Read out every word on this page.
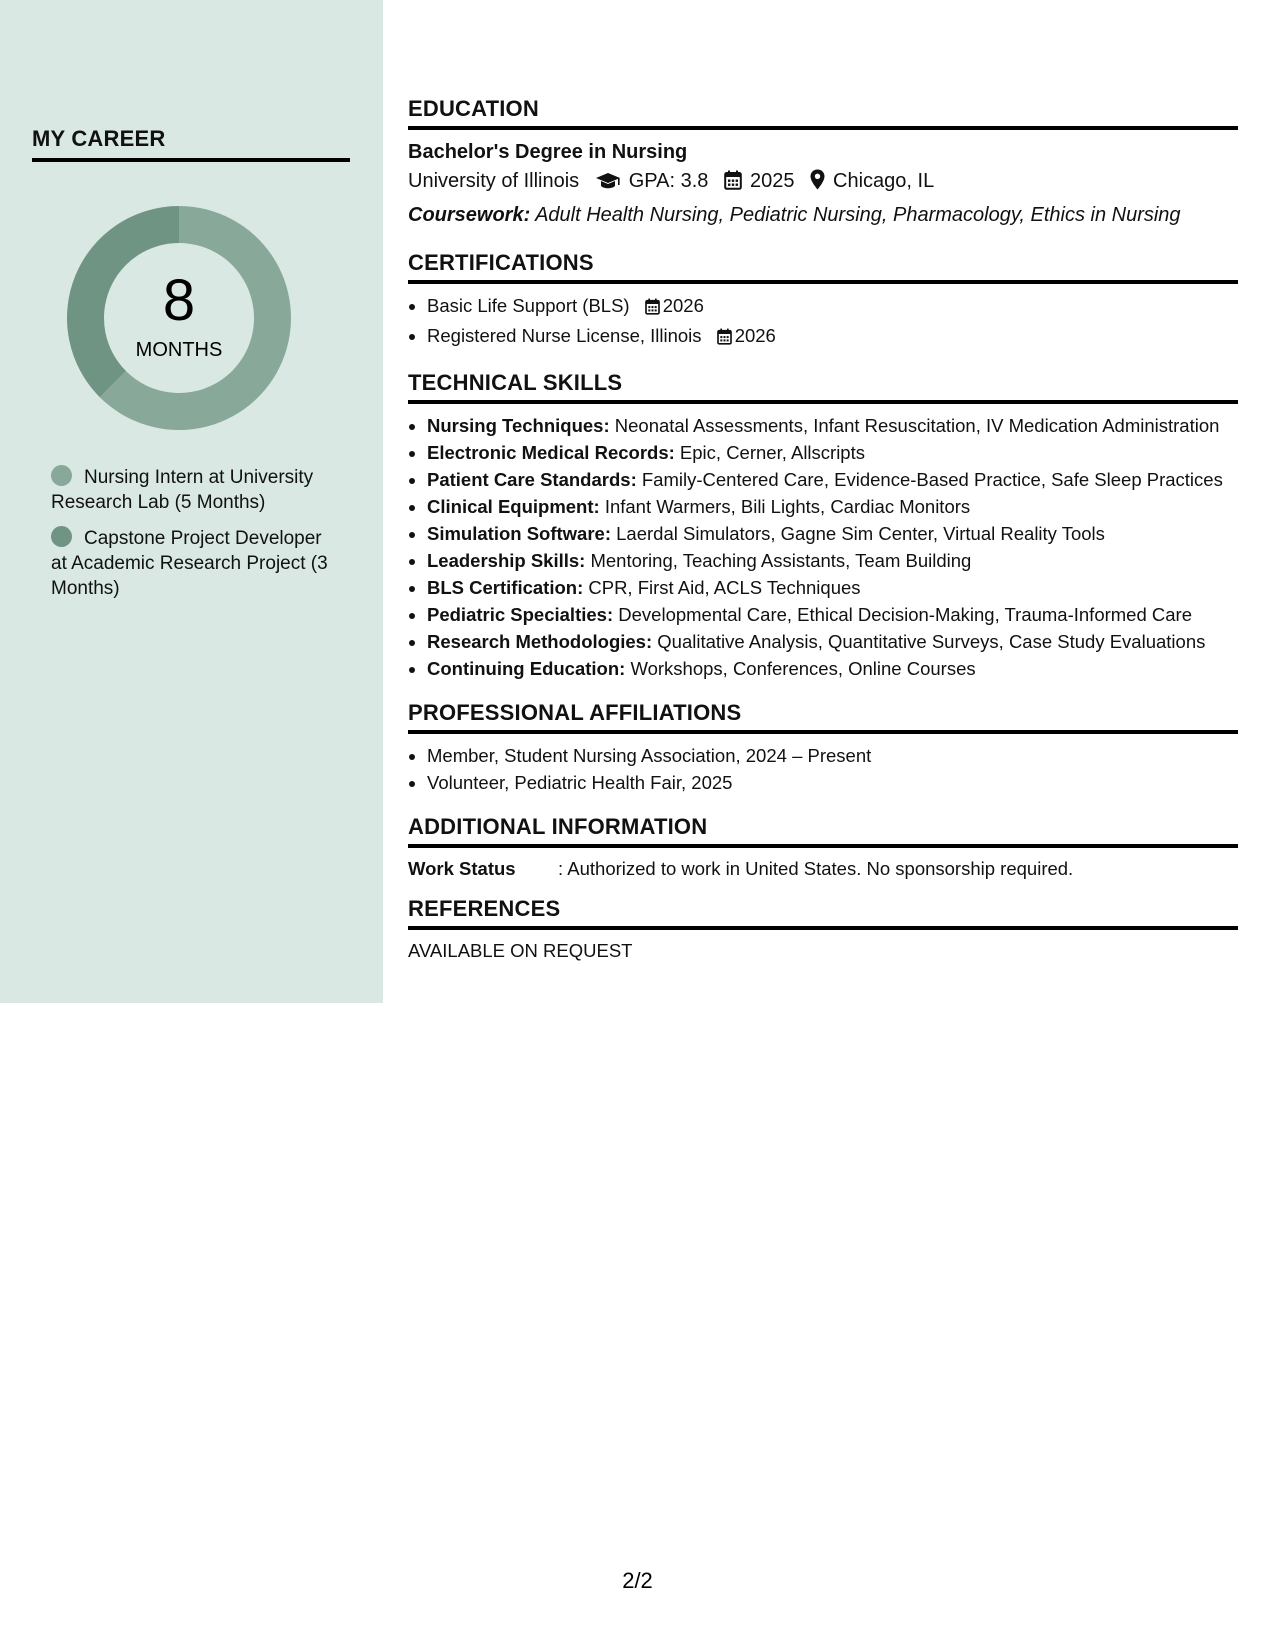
MY CAREER
8
MONTHS
Nursing Intern at University Research Lab (5 Months)
Capstone Project Developer at Academic Research Project (3 Months)
EDUCATION
Bachelor's Degree in Nursing
University of Illinois GPA: 3.8 2025 Chicago, IL
Coursework: Adult Health Nursing, Pediatric Nursing, Pharmacology, Ethics in Nursing
CERTIFICATIONS
• Basic Life Support (BLS) 2026
• Registered Nurse License, Illinois 2026
TECHNICAL SKILLS
• Nursing Techniques: Neonatal Assessments, Infant Resuscitation, IV Medication Administration
• Electronic Medical Records: Epic, Cerner, Allscripts
• Patient Care Standards: Family-Centered Care, Evidence-Based Practice, Safe Sleep Practices
• Clinical Equipment: Infant Warmers, Bili Lights, Cardiac Monitors
• Simulation Software: Laerdal Simulators, Gagne Sim Center, Virtual Reality Tools
• Leadership Skills: Mentoring, Teaching Assistants, Team Building
• BLS Certification: CPR, First Aid, ACLS Techniques
• Pediatric Specialties: Developmental Care, Ethical Decision-Making, Trauma-Informed Care
• Research Methodologies: Qualitative Analysis, Quantitative Surveys, Case Study Evaluations
• Continuing Education: Workshops, Conferences, Online Courses
PROFESSIONAL AFFILIATIONS
• Member, Student Nursing Association, 2024 – Present
• Volunteer, Pediatric Health Fair, 2025
ADDITIONAL INFORMATION
Work Status : Authorized to work in United States. No sponsorship required.
REFERENCES
AVAILABLE ON REQUEST
2/2
